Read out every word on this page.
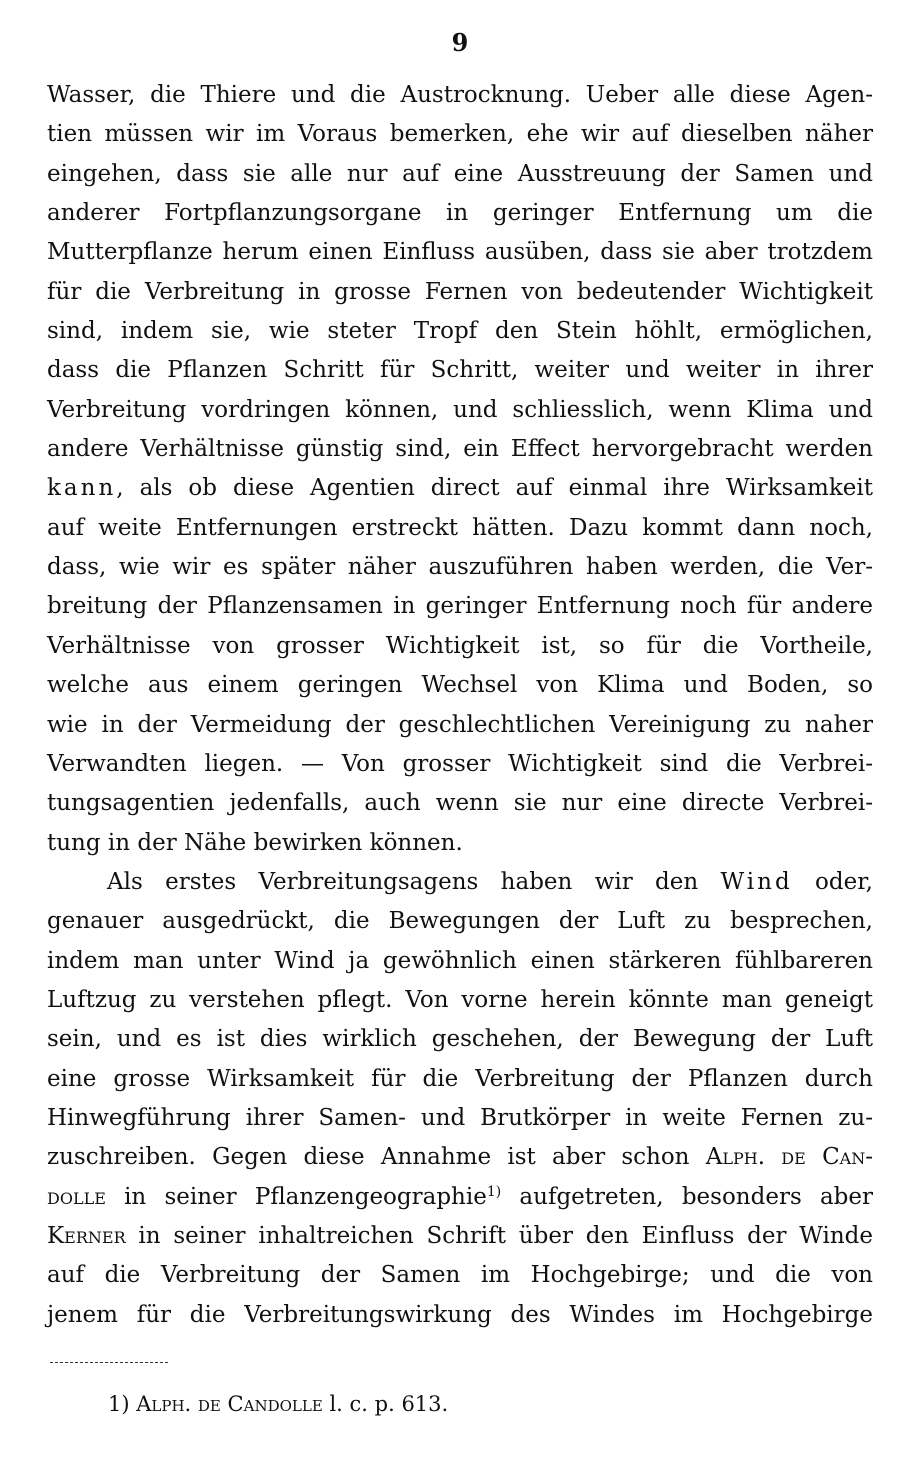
9
Wasser, die Thiere und die Austrocknung. Ueber alle diese Agen-
tien müssen wir im Voraus bemerken, ehe wir auf dieselben näher
eingehen, dass sie alle nur auf eine Ausstreuung der Samen und
anderer Fortpflanzungsorgane in geringer Entfernung um die
Mutterpflanze herum einen Einfluss ausüben, dass sie aber trotzdem
für die Verbreitung in grosse Fernen von bedeutender Wichtigkeit
sind, indem sie, wie steter Tropf den Stein höhlt, ermöglichen,
dass die Pflanzen Schritt für Schritt, weiter und weiter in ihrer
Verbreitung vordringen können, und schliesslich, wenn Klima und
andere Verhältnisse günstig sind, ein Effect hervorgebracht werden
kann, als ob diese Agentien direct auf einmal ihre Wirksamkeit
auf weite Entfernungen erstreckt hätten. Dazu kommt dann noch,
dass, wie wir es später näher auszuführen haben werden, die Ver-
breitung der Pflanzensamen in geringer Entfernung noch für andere
Verhältnisse von grosser Wichtigkeit ist, so für die Vortheile,
welche aus einem geringen Wechsel von Klima und Boden, so
wie in der Vermeidung der geschlechtlichen Vereinigung zu naher
Verwandten liegen. — Von grosser Wichtigkeit sind die Verbrei-
tungsagentien jedenfalls, auch wenn sie nur eine directe Verbrei-
tung in der Nähe bewirken können.
Als erstes Verbreitungsagens haben wir den Wind oder,
genauer ausgedrückt, die Bewegungen der Luft zu besprechen,
indem man unter Wind ja gewöhnlich einen stärkeren fühlbareren
Luftzug zu verstehen pflegt. Von vorne herein könnte man geneigt
sein, und es ist dies wirklich geschehen, der Bewegung der Luft
eine grosse Wirksamkeit für die Verbreitung der Pflanzen durch
Hinwegführung ihrer Samen- und Brutkörper in weite Fernen zu-
zuschreiben. Gegen diese Annahme ist aber schon Alph. de Can-
dolle in seiner Pflanzengeographie$^{1)}$ aufgetreten, besonders aber
Kerner in seiner inhaltreichen Schrift über den Einfluss der Winde
auf die Verbreitung der Samen im Hochgebirge; und die von
jenem für die Verbreitungswirkung des Windes im Hochgebirge
1) Alph. de Candolle l. c. p. 613.
